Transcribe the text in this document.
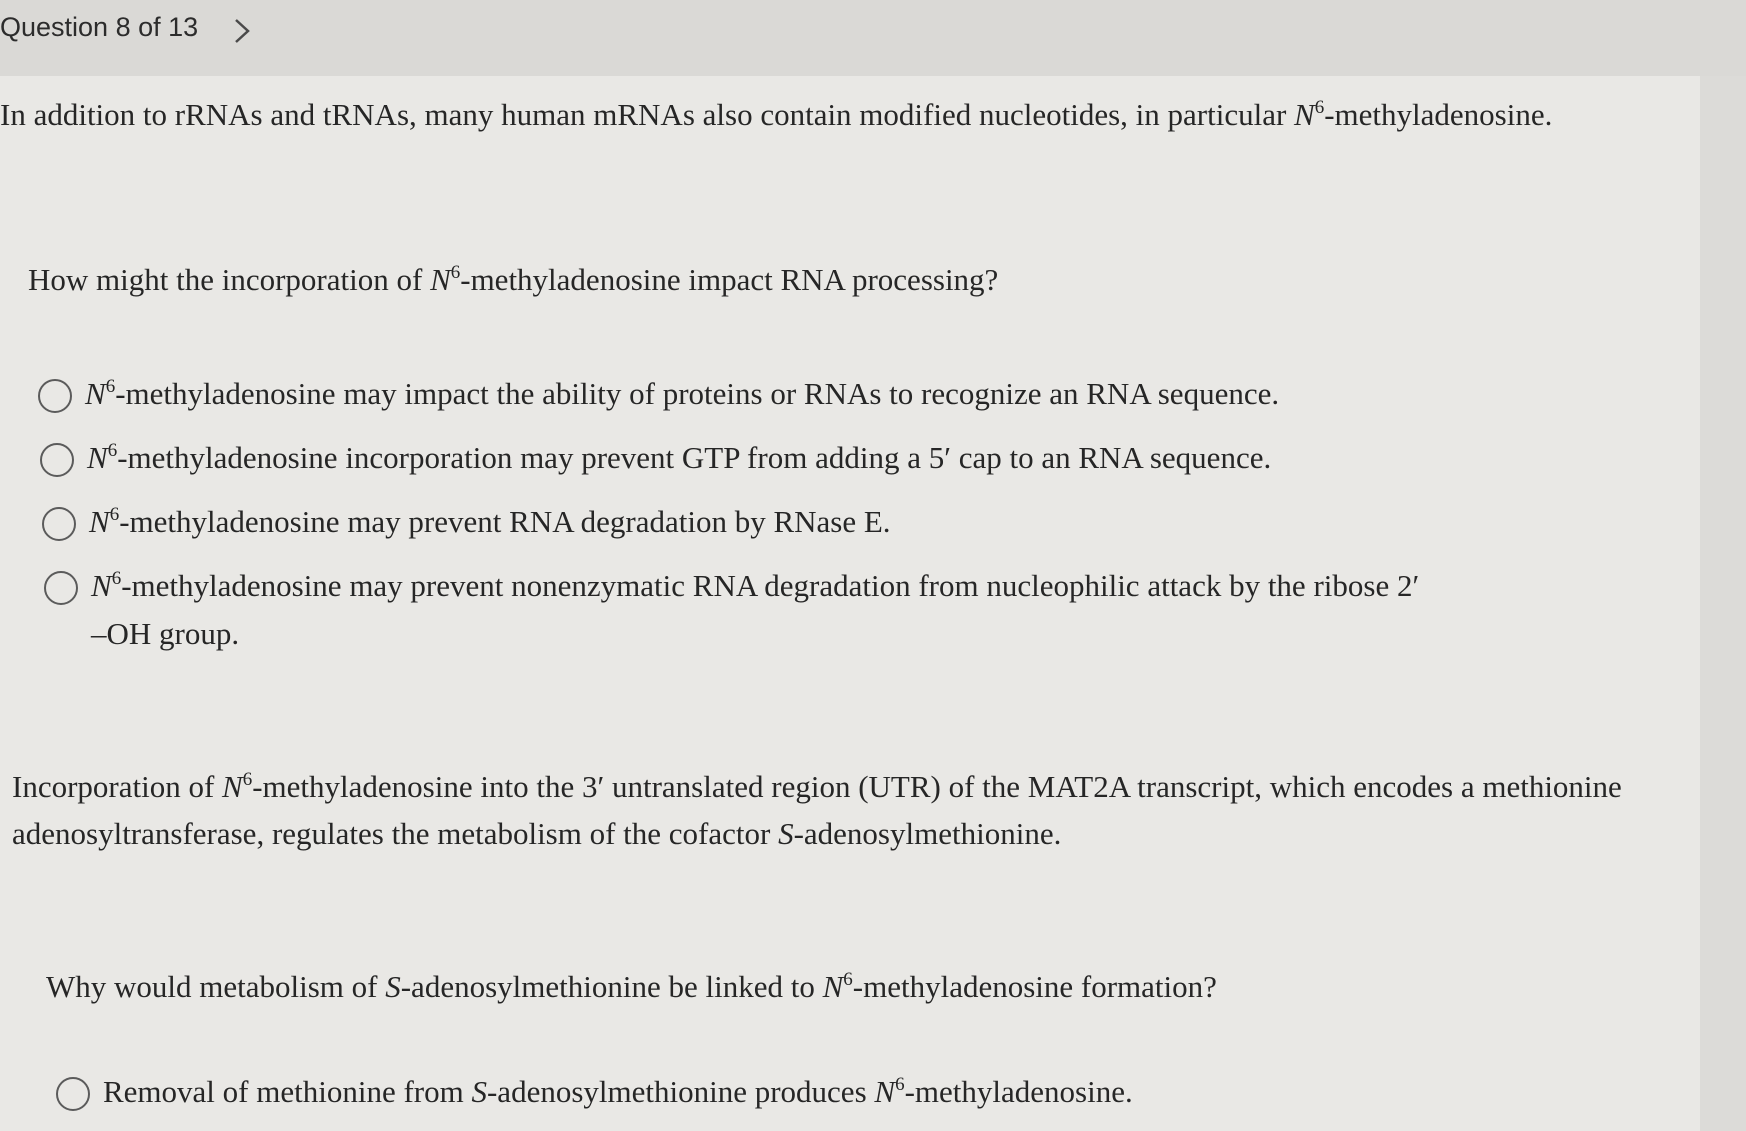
Question 8 of 13
In addition to rRNAs and tRNAs, many human mRNAs also contain modified nucleotides, in particular $N^6$-methyladenosine.
How might the incorporation of $N^6$-methyladenosine impact RNA processing?
$N^6$-methyladenosine may impact the ability of proteins or RNAs to recognize an RNA sequence.
$N^6$-methyladenosine incorporation may prevent GTP from adding a 5′ cap to an RNA sequence.
$N^6$-methyladenosine may prevent RNA degradation by RNase E.
$N^6$-methyladenosine may prevent nonenzymatic RNA degradation from nucleophilic attack by the ribose 2′
–OH group.
Incorporation of $N^6$-methyladenosine into the 3′ untranslated region (UTR) of the MAT2A transcript, which encodes a methionine adenosyltransferase, regulates the metabolism of the cofactor S-adenosylmethionine.
Why would metabolism of S-adenosylmethionine be linked to $N^6$-methyladenosine formation?
Removal of methionine from S-adenosylmethionine produces $N^6$-methyladenosine.
